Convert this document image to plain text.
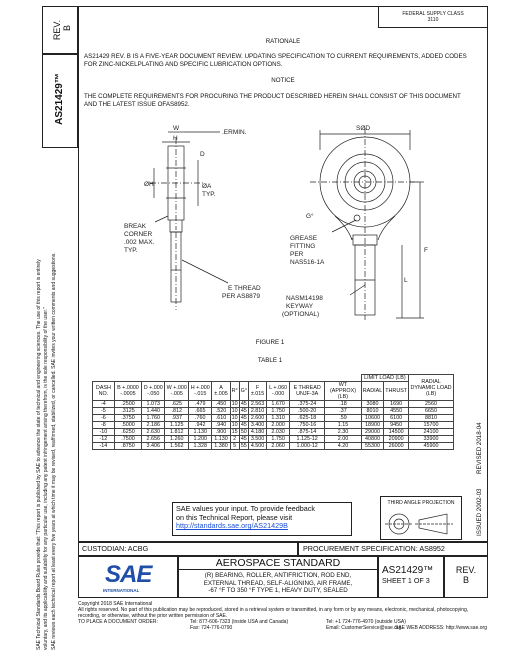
SAE Technical Standards Board Rules provide that: "This report is published by SAE to advance the state of technical and engineering sciences. The use of this report is entirely voluntary, and its applicability and suitability for any particular use, including any patent infringement arising therefrom, is the sole responsibility of the user." SAE reviews each technical report at least every five years at which time it may be revised, reaffirmed, stabilized, or cancelled. SAE invites your written comments and suggestions.
REV. B
AS21429™
FEDERAL SUPPLY CLASS
3110
REVISED 2018-04
ISSUED 2002-03
RATIONALE
AS21429 REV. B IS A FIVE-YEAR DOCUMENT REVIEW. UPDATING SPECIFICATION TO CURRENT REQUIREMENTS, ADDED CODES FOR ZINC-NICKELPLATING AND SPECIFIC LUBRICATION OPTIONS.
NOTICE
THE COMPLETE REQUIREMENTS FOR PROCURING THE PRODUCT DESCRIBED HEREIN SHALL CONSIST OF THIS DOCUMENT AND THE LATEST ISSUE OFAS8952.
.ERMIN.
W
H
D
ØH	ØA
TYP.
BREAK
CORNER
.002 MAX.
TYP.
E THREAD
PER AS8879
SØD
G°
GREASE
FITTING
PER
NAS516-1A
F
L
NASM14198
KEYWAY
(OPTIONAL)
FIGURE 1
TABLE 1
												LIMIT LOAD (LB)		RADIAL DYNAMIC LOAD (LB)
DASH NO.	B +.0000 -.0005	D +.000 -.050	W +.000 -.005	H +.000 -.015	A ±.005	R°	G°	F ±.015	L +.060 -.000	E THREAD UNJF-3A	WT (APPROX) (LB)	RADIAL	THRUST	
-4	.2500	1.073	.625	.479	.450	10	45	2.563	1.670	.375-24	.18	3080	1690	2560
-5	.3125	1.440	.812	.665	.520	10	45	2.810	1.750	.500-20	.37	8010	4550	6650
-6	.3750	1.760	.937	.760	.610	10	45	2.600	1.310	.625-18	.59	10600	6100	8810
-8	.5000	2.186	1.125	.942	.940	10	45	3.400	2.000	.750-16	1.15	18900	9450	15700
-10	.6250	2.630	1.812	1.130	.900	15	50	4.180	2.030	.875-14	2.30	29000	14500	24100
-12	.7500	2.656	1.260	1.200	1.130	2	45	3.500	1.750	1.125-12	2.00	40800	20900	33900
-14	.8750	3.406	1.562	1.328	1.380	5	55	4.500	2.060	1.000-12	4.20	55300	26000	45900
SAE values your input. To provide feedback
on this Technical Report, please visit
http://standards.sae.org/AS21429B
THIRD ANGLE PROJECTION
CUSTODIAN: ACBG	PROCUREMENT SPECIFICATION: AS8952
SAE
INTERNATIONAL
AEROSPACE STANDARD
(R) BEARING, ROLLER, ANTIFRICTION, ROD END,
EXTERNAL THREAD, SELF-ALIGNING, AIR FRAME,
-67 °F TO 350 °F TYPE 1, HEAVY DUTY, SEALED
AS21429™
SHEET 1 OF 3
REV.
B
Copyright 2018 SAE International
All rights reserved. No part of this publication may be reproduced, stored in a retrieval system or transmitted, in any form or by any means, electronic, mechanical, photocopying,
recording, or otherwise, without the prior written permission of SAE.
TO PLACE A DOCUMENT ORDER:	Tel: 877-606-7323 (inside USA and Canada)
Fax: 724-776-0790
Tel: +1 724-776-4970 (outside USA)
Email: CustomerService@sae.org
SAE WEB ADDRESS: http://www.sae.org
